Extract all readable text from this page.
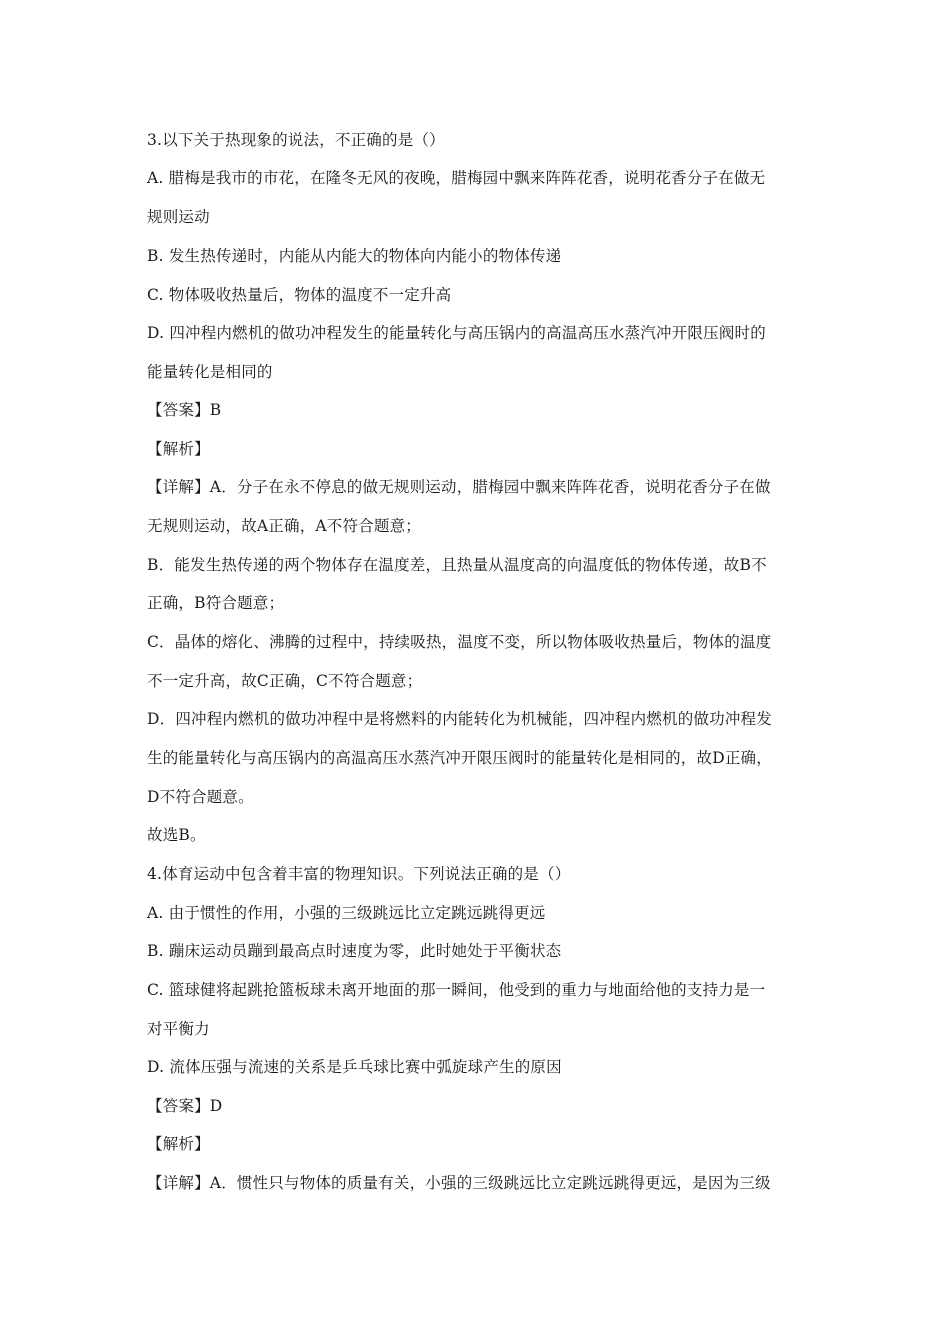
3.以下关于热现象的说法，不正确的是（）
A. 腊梅是我市的市花，在隆冬无风的夜晚，腊梅园中飘来阵阵花香，说明花香分子在做无
规则运动
B. 发生热传递时，内能从内能大的物体向内能小的物体传递
C. 物体吸收热量后，物体的温度不一定升高
D. 四冲程内燃机的做功冲程发生的能量转化与高压锅内的高温高压水蒸汽冲开限压阀时的
能量转化是相同的
【答案】B
【解析】
【详解】A．分子在永不停息的做无规则运动，腊梅园中飘来阵阵花香，说明花香分子在做
无规则运动，故A正确，A不符合题意；
B．能发生热传递的两个物体存在温度差，且热量从温度高的向温度低的物体传递，故B不
正确，B符合题意；
C．晶体的熔化、沸腾的过程中，持续吸热，温度不变，所以物体吸收热量后，物体的温度
不一定升高，故C正确，C不符合题意；
D．四冲程内燃机的做功冲程中是将燃料的内能转化为机械能，四冲程内燃机的做功冲程发
生的能量转化与高压锅内的高温高压水蒸汽冲开限压阀时的能量转化是相同的，故D正确，
D不符合题意。
故选B。
4.体育运动中包含着丰富的物理知识。下列说法正确的是（）
A. 由于惯性的作用，小强的三级跳远比立定跳远跳得更远
B. 蹦床运动员蹦到最高点时速度为零，此时她处于平衡状态
C. 篮球健将起跳抢篮板球未离开地面的那一瞬间，他受到的重力与地面给他的支持力是一
对平衡力
D. 流体压强与流速的关系是乒乓球比赛中弧旋球产生的原因
【答案】D
【解析】
【详解】A．惯性只与物体的质量有关，小强的三级跳远比立定跳远跳得更远，是因为三级
